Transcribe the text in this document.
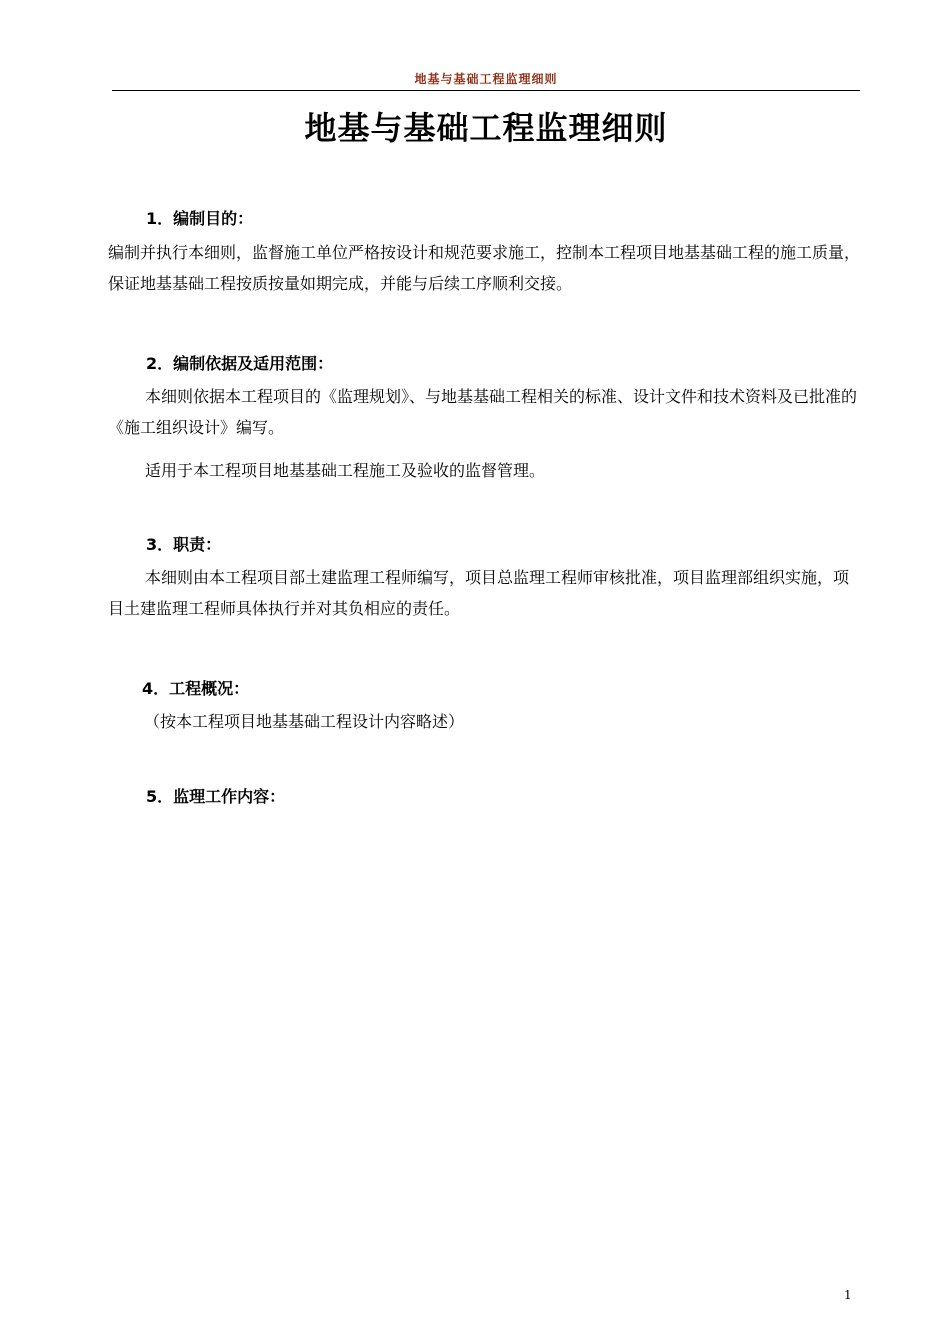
地基与基础工程监理细则
地基与基础工程监理细则
1．编制目的：

编制并执行本细则，监督施工单位严格按设计和规范要求施工，控制本工程项目地基基础工程的施工质量，保证地基基础工程按质按量如期完成，并能与后续工序顺利交接。

2．编制依据及适用范围：

本细则依据本工程项目的《监理规划》、与地基基础工程相关的标准、设计文件和技术资料及已批准的《施工组织设计》编写。

适用于本工程项目地基基础工程施工及验收的监督管理。

3．职责：

本细则由本工程项目部土建监理工程师编写，项目总监理工程师审核批准，项目监理部组织实施，项目土建监理工程师具体执行并对其负相应的责任。

4．工程概况：

（按本工程项目地基基础工程设计内容略述）

5．监理工作内容：
1
